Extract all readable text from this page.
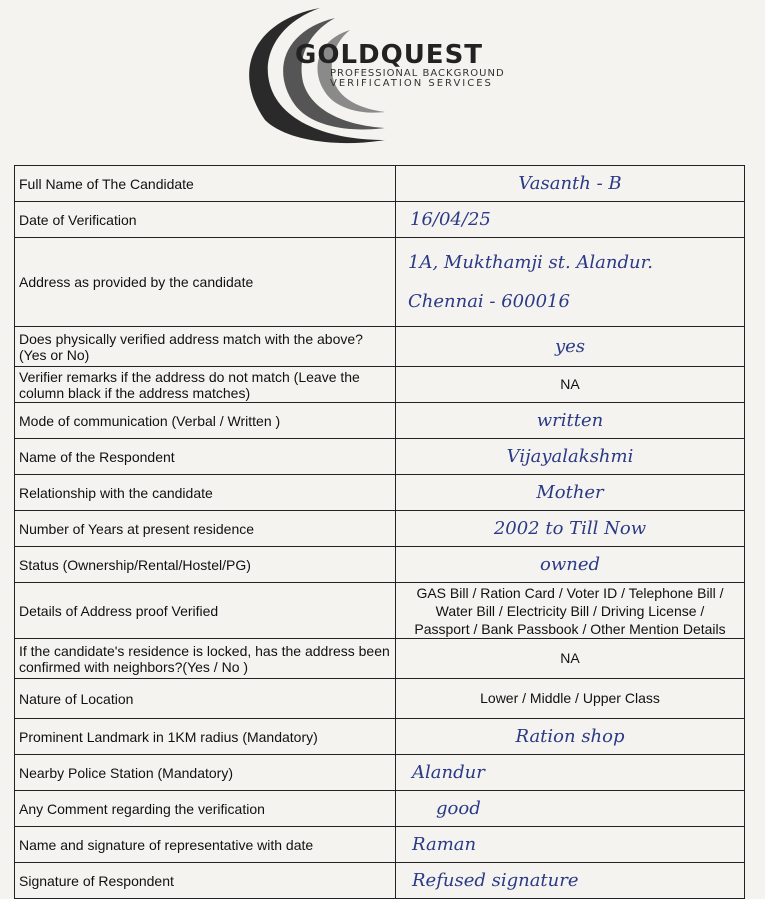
GOLDQUEST
PROFESSIONAL BACKGROUND
VERIFICATION SERVICES
Full Name of The Candidate	Vasanth - B
Date of Verification	16/04/25
Address as provided by the candidate	1A, Mukthamji st. Alandur.
Chennai - 600016

Does physically verified address match with the above? (Yes or No)	yes
Verifier remarks if the address do not match (Leave the column black if the address matches)	NA
Mode of communication (Verbal / Written )	written
Name of the Respondent	Vijayalakshmi
Relationship with the candidate	Mother
Number of Years at present residence	2002 to Till Now
Status (Ownership/Rental/Hostel/PG)	owned
Details of Address proof Verified	GAS Bill / Ration Card / Voter ID / Telephone Bill /
Water Bill / Electricity Bill / Driving License /
Passport / Bank Passbook / Other Mention Details

If the candidate's residence is locked, has the address been confirmed with neighbors?(Yes / No )	NA
Nature of Location	Lower / Middle / Upper Class
Prominent Landmark in 1KM radius (Mandatory)	Ration shop
Nearby Police Station (Mandatory)	Alandur
Any Comment regarding the verification	good
Name and signature of representative with date	Raman
Signature of Respondent	Refused signature
